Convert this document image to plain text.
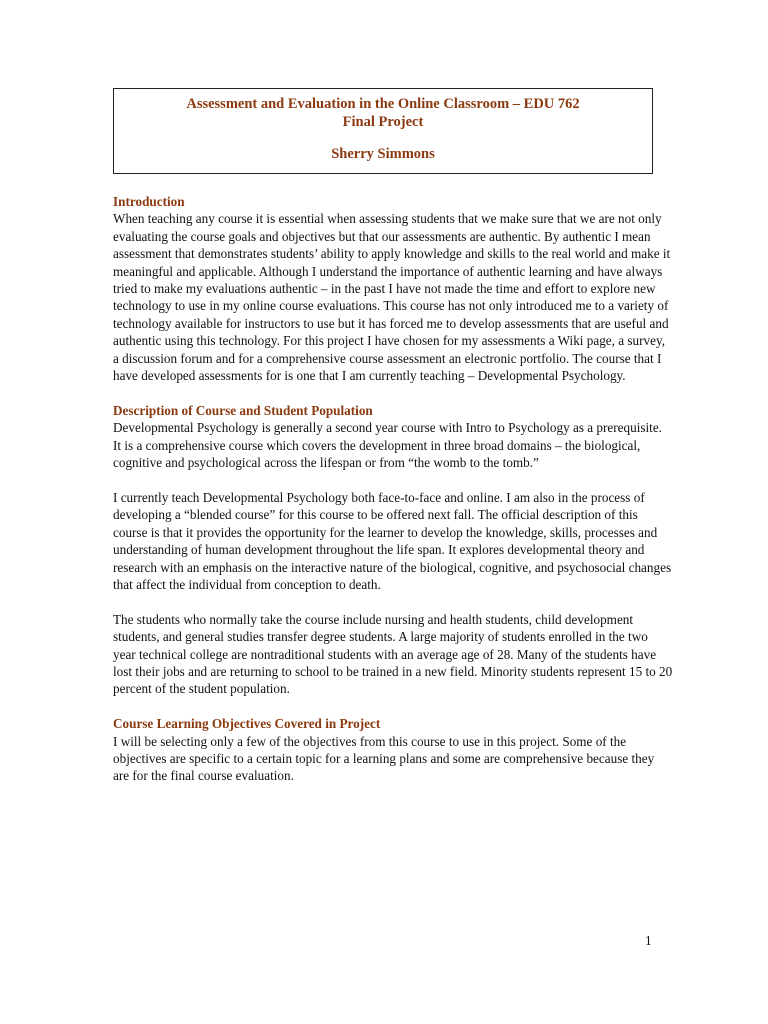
Assessment and Evaluation in the Online Classroom – EDU 762
Final Project
Sherry Simmons

Introduction

When teaching any course it is essential when assessing students that we make sure that we are not only evaluating the course goals and objectives but that our assessments are authentic. By authentic I mean assessment that demonstrates students’ ability to apply knowledge and skills to the real world and make it meaningful and applicable. Although I understand the importance of authentic learning and have always tried to make my evaluations authentic – in the past I have not made the time and effort to explore new technology to use in my online course evaluations. This course has not only introduced me to a variety of technology available for instructors to use but it has forced me to develop assessments that are useful and authentic using this technology. For this project I have chosen for my assessments a Wiki page, a survey, a discussion forum and for a comprehensive course assessment an electronic portfolio. The course that I have developed assessments for is one that I am currently teaching – Developmental Psychology.

Description of Course and Student Population

Developmental Psychology is generally a second year course with Intro to Psychology as a prerequisite. It is a comprehensive course which covers the development in three broad domains – the biological, cognitive and psychological across the lifespan or from “the womb to the tomb.”

I currently teach Developmental Psychology both face-to-face and online. I am also in the process of developing a “blended course” for this course to be offered next fall. The official description of this course is that it provides the opportunity for the learner to develop the knowledge, skills, processes and understanding of human development throughout the life span. It explores developmental theory and research with an emphasis on the interactive nature of the biological, cognitive, and psychosocial changes that affect the individual from conception to death.

The students who normally take the course include nursing and health students, child development students, and general studies transfer degree students. A large majority of students enrolled in the two year technical college are nontraditional students with an average age of 28. Many of the students have lost their jobs and are returning to school to be trained in a new field. Minority students represent 15 to 20 percent of the student population.

Course Learning Objectives Covered in Project

I will be selecting only a few of the objectives from this course to use in this project. Some of the objectives are specific to a certain topic for a learning plans and some are comprehensive because they are for the final course evaluation.

1
